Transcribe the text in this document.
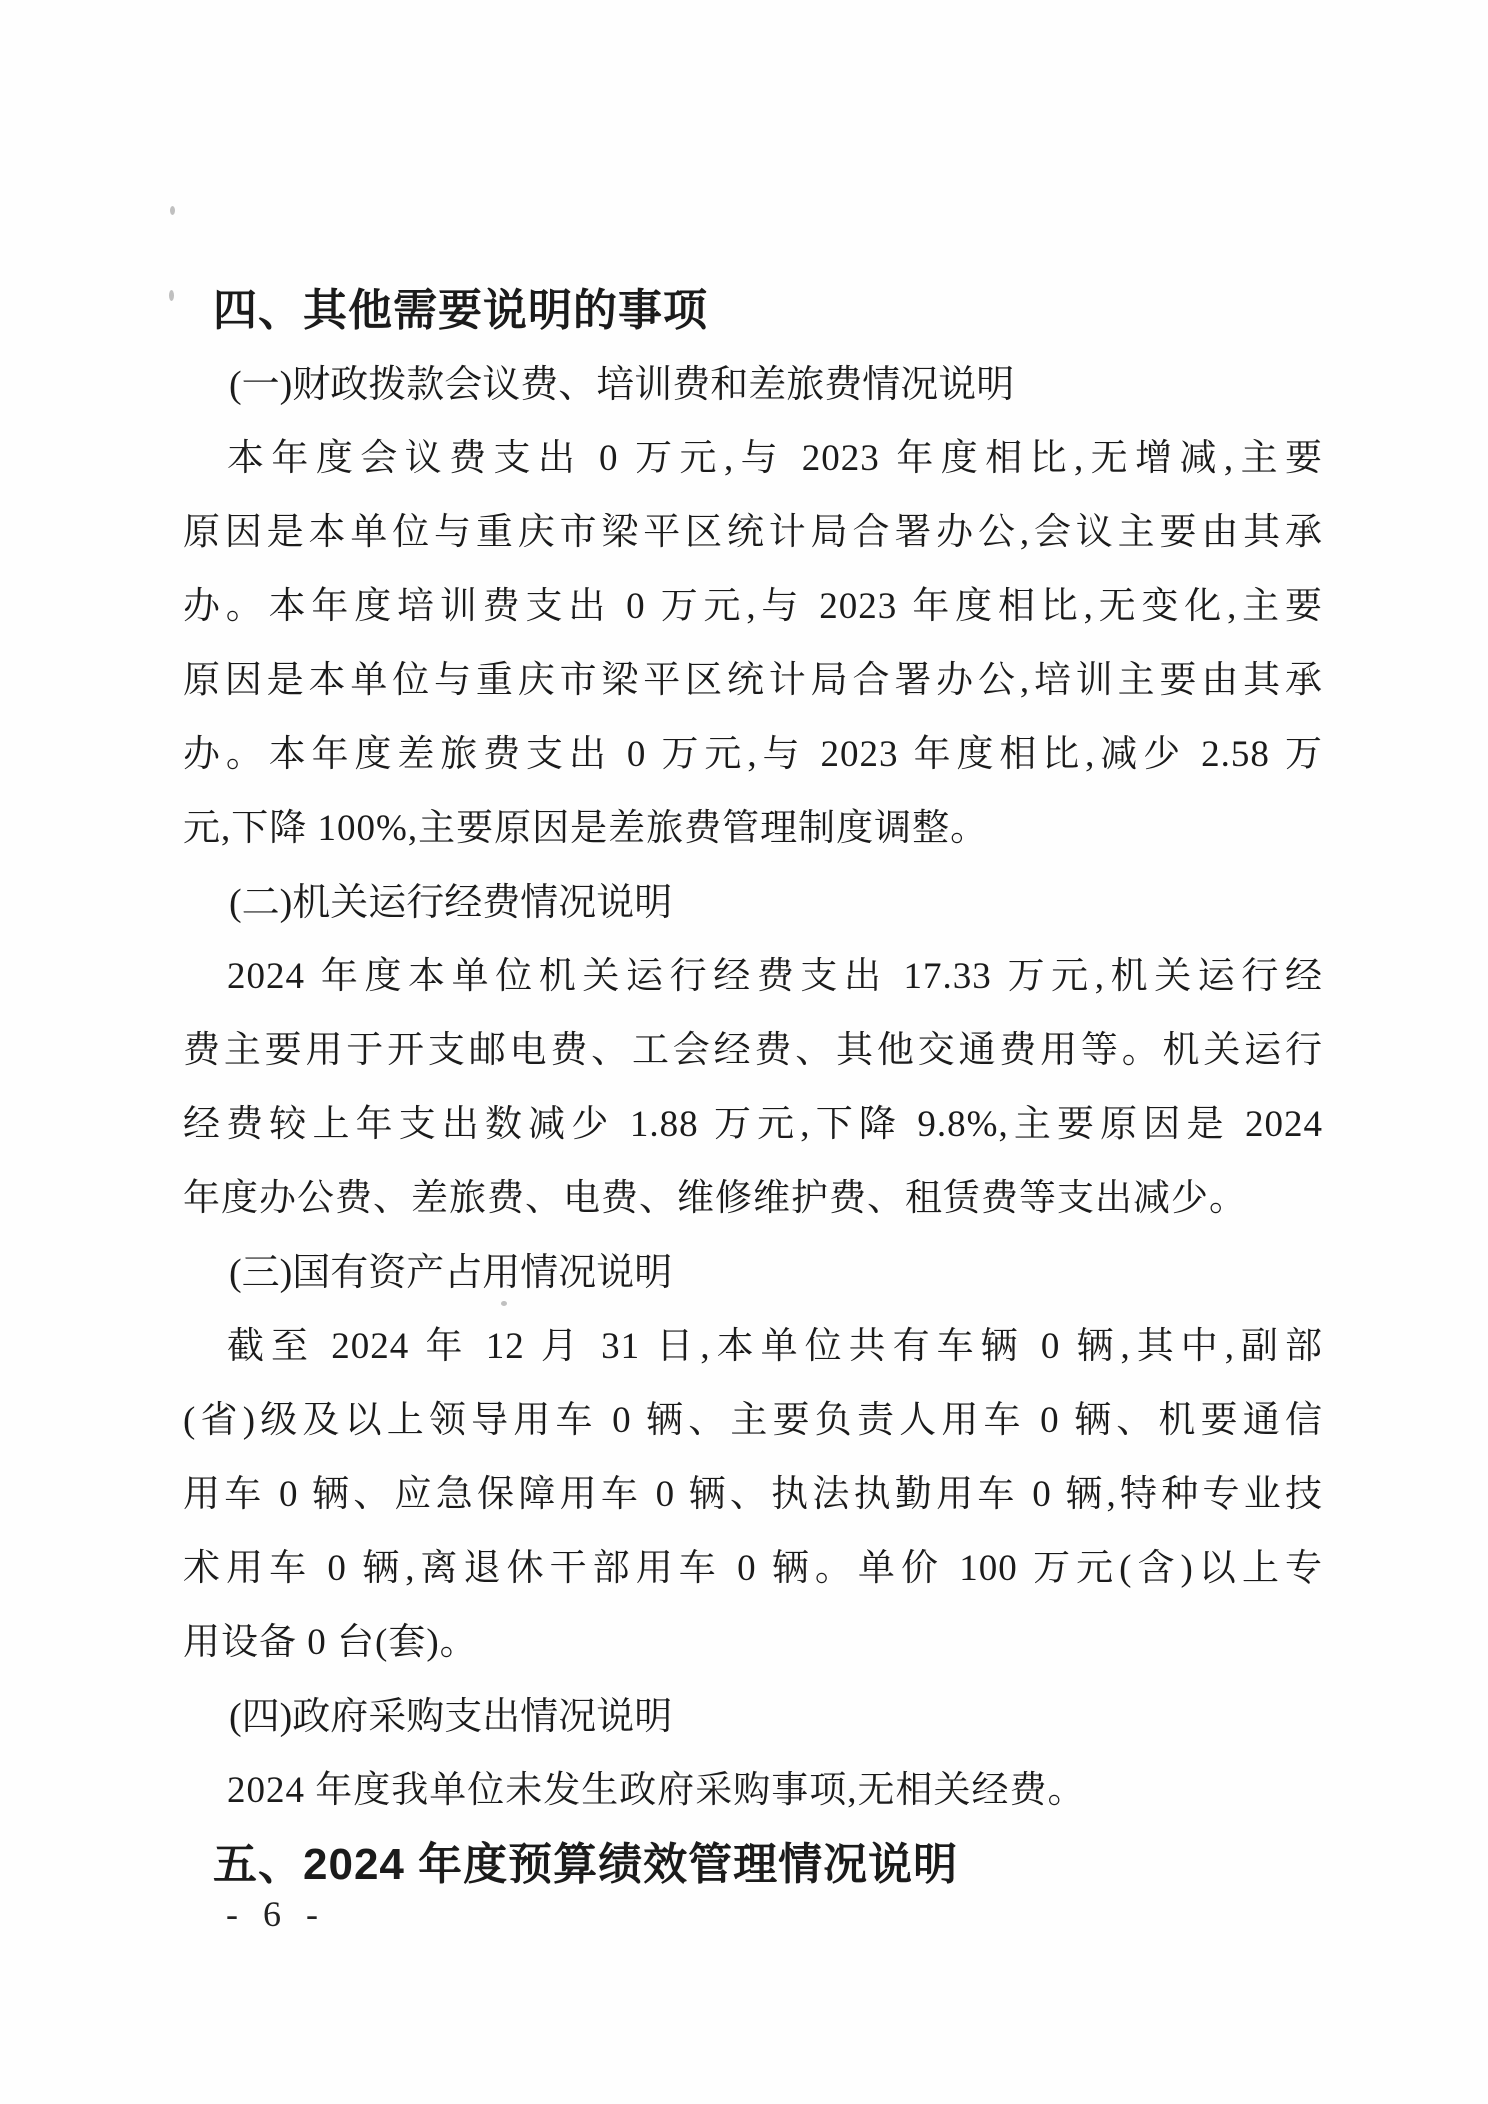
四、其他需要说明的事项
(一)财政拨款会议费、培训费和差旅费情况说明
本年度会议费支出 0 万元,与 2023 年度相比,无增减,主要
原因是本单位与重庆市梁平区统计局合署办公,会议主要由其承
办。本年度培训费支出 0 万元,与 2023 年度相比,无变化,主要
原因是本单位与重庆市梁平区统计局合署办公,培训主要由其承
办。本年度差旅费支出 0 万元,与 2023 年度相比,减少 2.58 万
元,下降 100%,主要原因是差旅费管理制度调整。
(二)机关运行经费情况说明
2024 年度本单位机关运行经费支出 17.33 万元,机关运行经
费主要用于开支邮电费、工会经费、其他交通费用等。机关运行
经费较上年支出数减少 1.88 万元,下降 9.8%,主要原因是 2024
年度办公费、差旅费、电费、维修维护费、租赁费等支出减少。
(三)国有资产占用情况说明
截至 2024 年 12 月 31 日,本单位共有车辆 0 辆,其中,副部
(省)级及以上领导用车 0 辆、主要负责人用车 0 辆、机要通信
用车 0 辆、应急保障用车 0 辆、执法执勤用车 0 辆,特种专业技
术用车 0 辆,离退休干部用车 0 辆。单价 100 万元(含)以上专
用设备 0 台(套)。
(四)政府采购支出情况说明
2024 年度我单位未发生政府采购事项,无相关经费。
五、2024 年度预算绩效管理情况说明
- 6 -
